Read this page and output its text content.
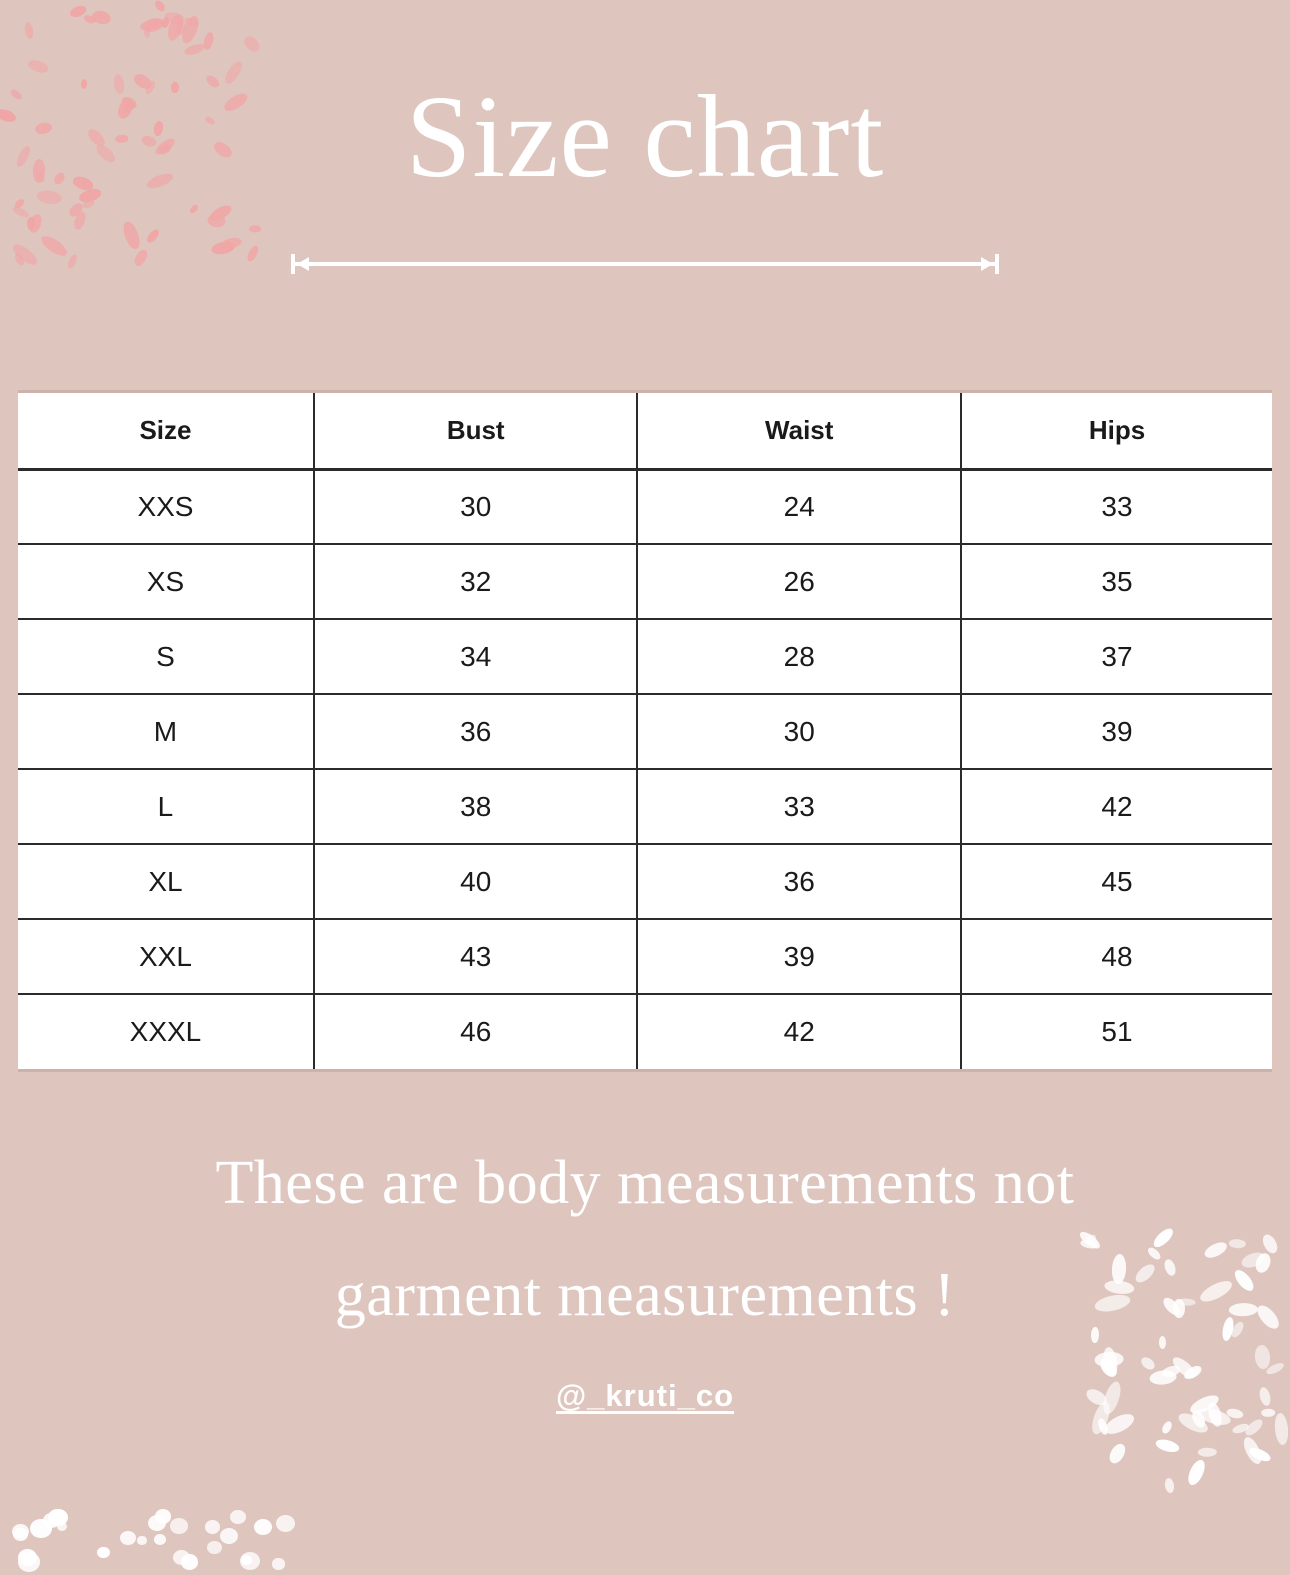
Size chart
Size	Bust	Waist	Hips
XXS	30	24	33
XS	32	26	35
S	34	28	37
M	36	30	39
L	38	33	42
XL	40	36	45
XXL	43	39	48
XXXL	46	42	51
These are body measurements not
garment measurements !
@_kruti_co
